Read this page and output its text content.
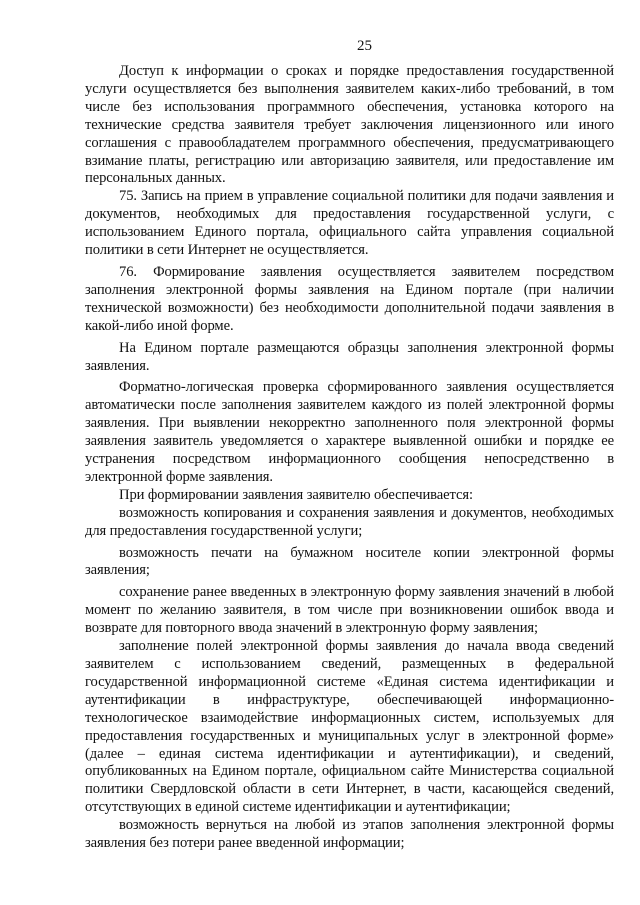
25

Доступ к информации о сроках и порядке предоставления государственной услуги осуществляется без выполнения заявителем каких-либо требований, в том числе без использования программного обеспечения, установка которого на технические средства заявителя требует заключения лицензионного или иного соглашения с правообладателем программного обеспечения, предусматривающего взимание платы, регистрацию или авторизацию заявителя, или предоставление им персональных данных.

75. Запись на прием в управление социальной политики для подачи заявления и документов, необходимых для предоставления государственной услуги, с использованием Единого портала, официального сайта управления социальной политики в сети Интернет не осуществляется.

76. Формирование заявления осуществляется заявителем посредством заполнения электронной формы заявления на Едином портале (при наличии технической возможности) без необходимости дополнительной подачи заявления в какой-либо иной форме.

На Едином портале размещаются образцы заполнения электронной формы заявления.

Форматно-логическая проверка сформированного заявления осуществляется автоматически после заполнения заявителем каждого из полей электронной формы заявления. При выявлении некорректно заполненного поля электронной формы заявления заявитель уведомляется о характере выявленной ошибки и порядке ее устранения посредством информационного сообщения непосредственно в электронной форме заявления.

При формировании заявления заявителю обеспечивается:

возможность копирования и сохранения заявления и документов, необходимых для предоставления государственной услуги;

возможность печати на бумажном носителе копии электронной формы заявления;

сохранение ранее введенных в электронную форму заявления значений в любой момент по желанию заявителя, в том числе при возникновении ошибок ввода и возврате для повторного ввода значений в электронную форму заявления;

заполнение полей электронной формы заявления до начала ввода сведений заявителем с использованием сведений, размещенных в федеральной государственной информационной системе «Единая система идентификации и аутентификации в инфраструктуре, обеспечивающей информационно-технологическое взаимодействие информационных систем, используемых для предоставления государственных и муниципальных услуг в электронной форме» (далее – единая система идентификации и аутентификации), и сведений, опубликованных на Едином портале, официальном сайте Министерства социальной политики Свердловской области в сети Интернет, в части, касающейся сведений, отсутствующих в единой системе идентификации и аутентификации;

возможность вернуться на любой из этапов заполнения электронной формы заявления без потери ранее введенной информации;
